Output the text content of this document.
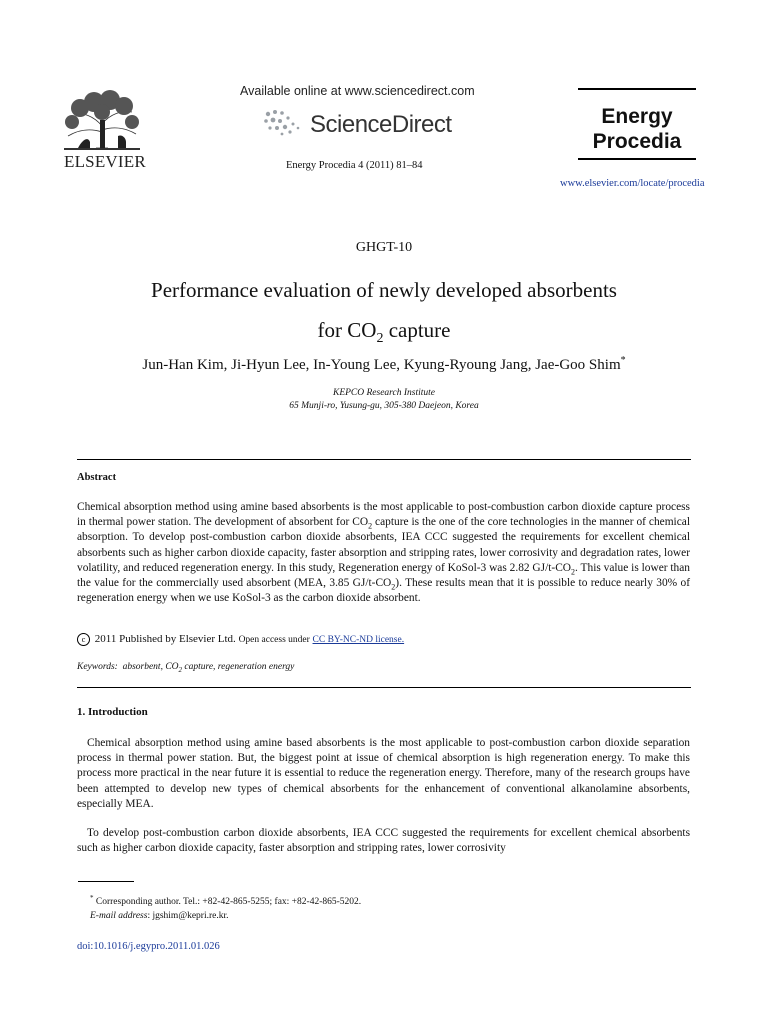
ELSEVIER
Available online at www.sciencedirect.com
ScienceDirect
Energy Procedia 4 (2011) 81–84
Energy
Procedia
www.elsevier.com/locate/procedia
GHGT-10
Performance evaluation of newly developed absorbents
for $CO_2$ capture
Jun-Han Kim, Ji-Hyun Lee, In-Young Lee, Kyung-Ryoung Jang, Jae-Goo Shim*
KEPCO Research Institute
65 Munji-ro, Yusung-gu, 305-380 Daejeon, Korea
Abstract

Chemical absorption method using amine based absorbents is the most applicable to post-combustion carbon dioxide capture process in thermal power station. The development of absorbent for $CO_2$ capture is the one of the core technologies in the manner of chemical absorption. To develop post-combustion carbon dioxide absorbents, IEA CCC suggested the requirements for excellent chemical absorbents such as higher carbon dioxide capacity, faster absorption and stripping rates, lower corrosivity and degradation rates, lower volatility, and reduced regeneration energy. In this study, Regeneration energy of KoSol-3 was 2.82 $GJ/t-CO_2$. This value is lower than the value for the commercially used absorbent (MEA, 3.85 $GJ/t-CO_2$). These results mean that it is possible to reduce nearly 30% of regeneration energy when we use KoSol-3 as the carbon dioxide absorbent.

c 2011 Published by Elsevier Ltd. Open access under CC BY-NC-ND license.
Keywords:  absorbent, $CO_2$ capture, regeneration energy
1. Introduction

Chemical absorption method using amine based absorbents is the most applicable to post-combustion carbon dioxide separation process in thermal power station. But, the biggest point at issue of chemical absorption is high regeneration energy. To make this process more practical in the near future it is essential to reduce the regeneration energy. Therefore, many of the research groups have been attempted to develop new types of chemical absorbents for the enhancement of conventional alkanolamine absorbents, especially MEA.

To develop post-combustion carbon dioxide absorbents, IEA CCC suggested the requirements for excellent chemical absorbents such as higher carbon dioxide capacity, faster absorption and stripping rates, lower corrosivity

* Corresponding author. Tel.: +82-42-865-5255; fax: +82-42-865-5202.
E-mail address: jgshim@kepri.re.kr.
doi:10.1016/j.egypro.2011.01.026
